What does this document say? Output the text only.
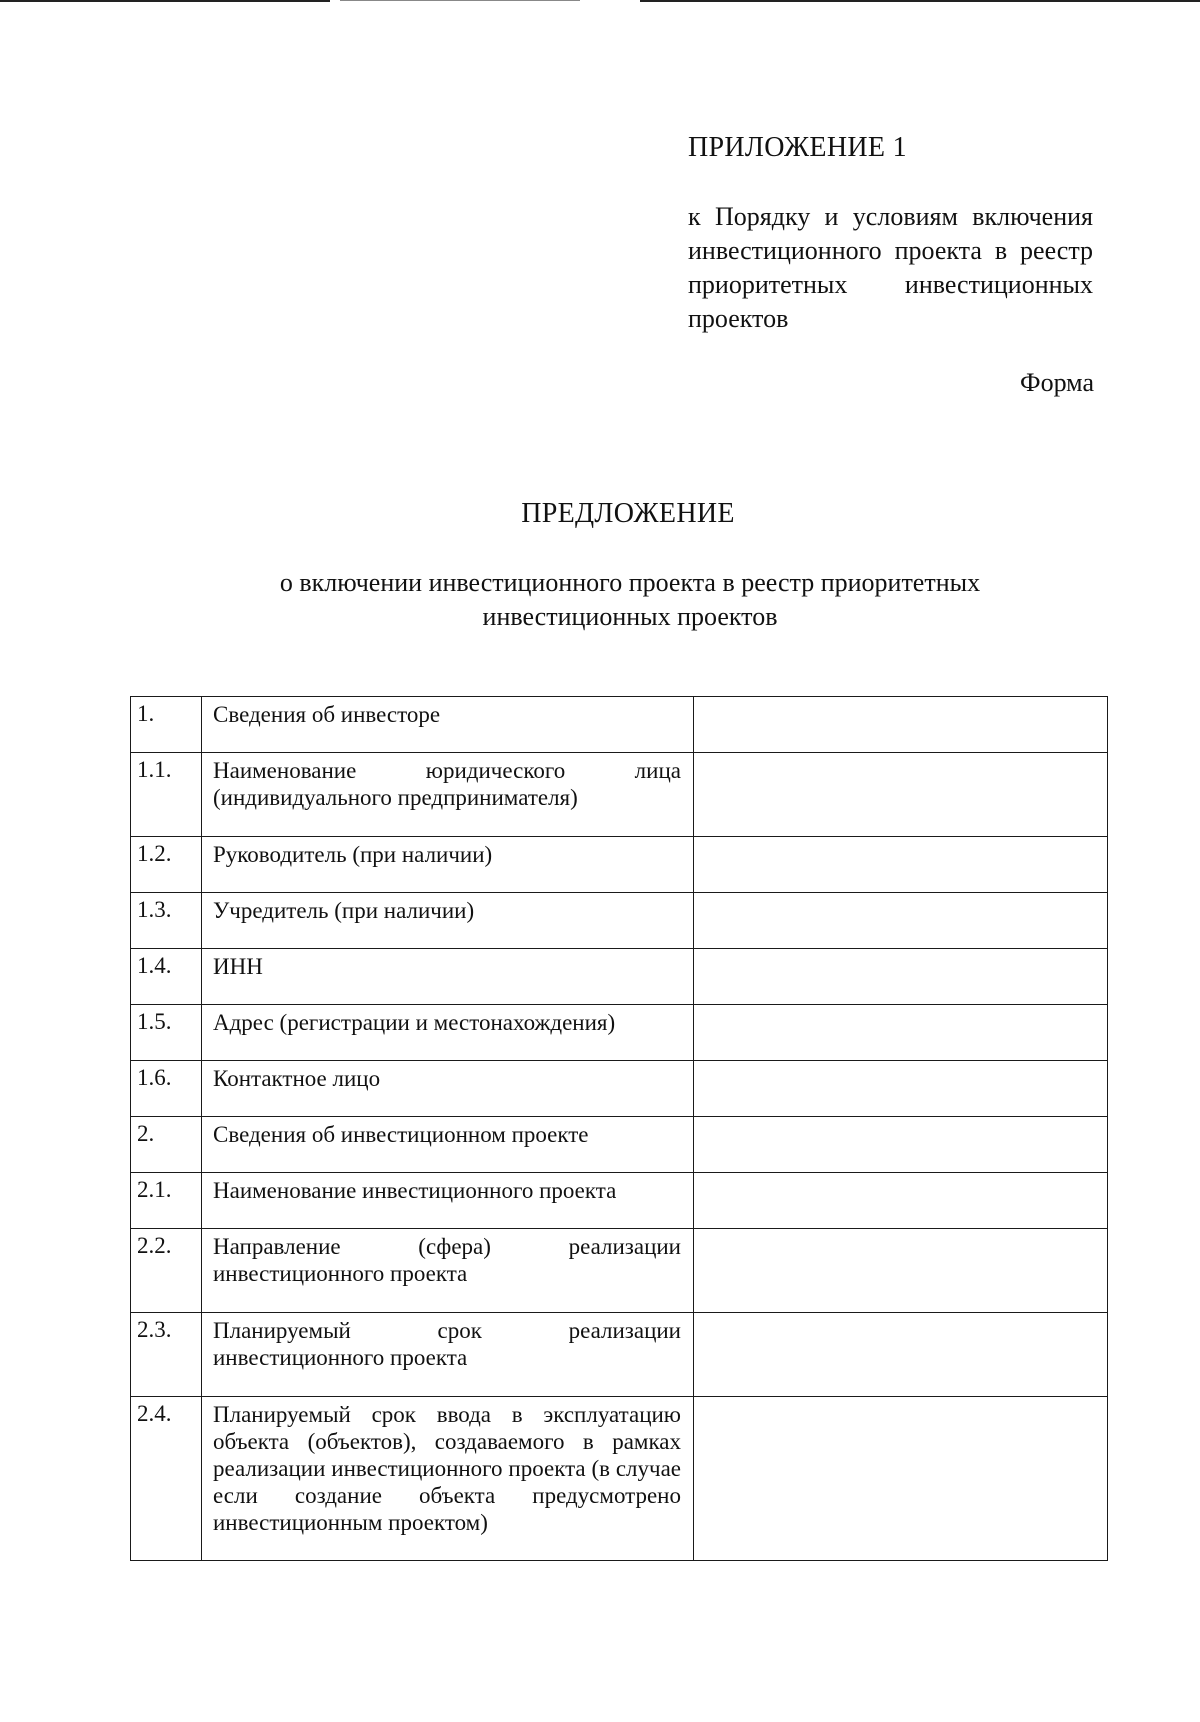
ПРИЛОЖЕНИЕ 1
к Порядку и условиям включения инвестиционного проекта в реестр приоритетных инвестиционных проектов
Форма
ПРЕДЛОЖЕНИЕ
о включении инвестиционного проекта в реестр приоритетных
инвестиционных проектов
1.	Сведения об инвесторе	
1.1.	Наименование юридического лица (индивидуального предпринимателя)	
1.2.	Руководитель (при наличии)	
1.3.	Учредитель (при наличии)	
1.4.	ИНН	
1.5.	Адрес (регистрации и местонахождения)	
1.6.	Контактное лицо	
2.	Сведения об инвестиционном проекте	
2.1.	Наименование инвестиционного проекта	
2.2.	Направление (сфера) реализации инвестиционного проекта	
2.3.	Планируемый срок реализации инвестиционного проекта	
2.4.	Планируемый срок ввода в эксплуатацию объекта (объектов), создаваемого в рамках реализации инвестиционного проекта (в случае если создание объекта предусмотрено инвестиционным проектом)	
